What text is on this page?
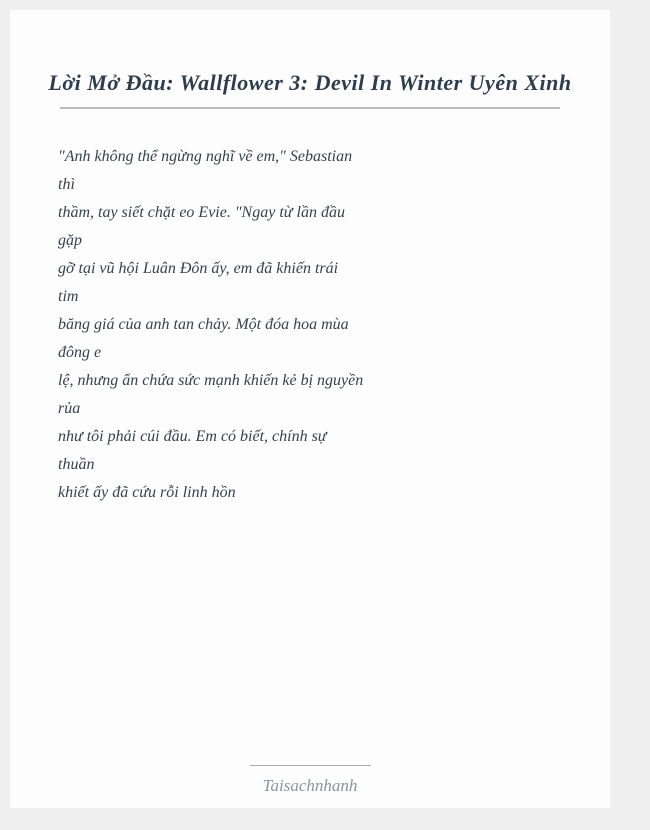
Lời Mở Đầu: Wallflower 3: Devil In Winter Uyên Xinh
"Anh không thể ngừng nghĩ về em," Sebastian
thì
thầm, tay siết chặt eo Evie. "Ngay từ lần đầu
gặp
gỡ tại vũ hội Luân Đôn ấy, em đã khiến trái
tim
băng giá của anh tan chảy. Một đóa hoa mùa
đông e
lệ, nhưng ẩn chứa sức mạnh khiến kẻ bị nguyền
rủa
như tôi phải cúi đầu. Em có biết, chính sự
thuần
khiết ấy đã cứu rỗi linh hồn
Taisachnhanh
